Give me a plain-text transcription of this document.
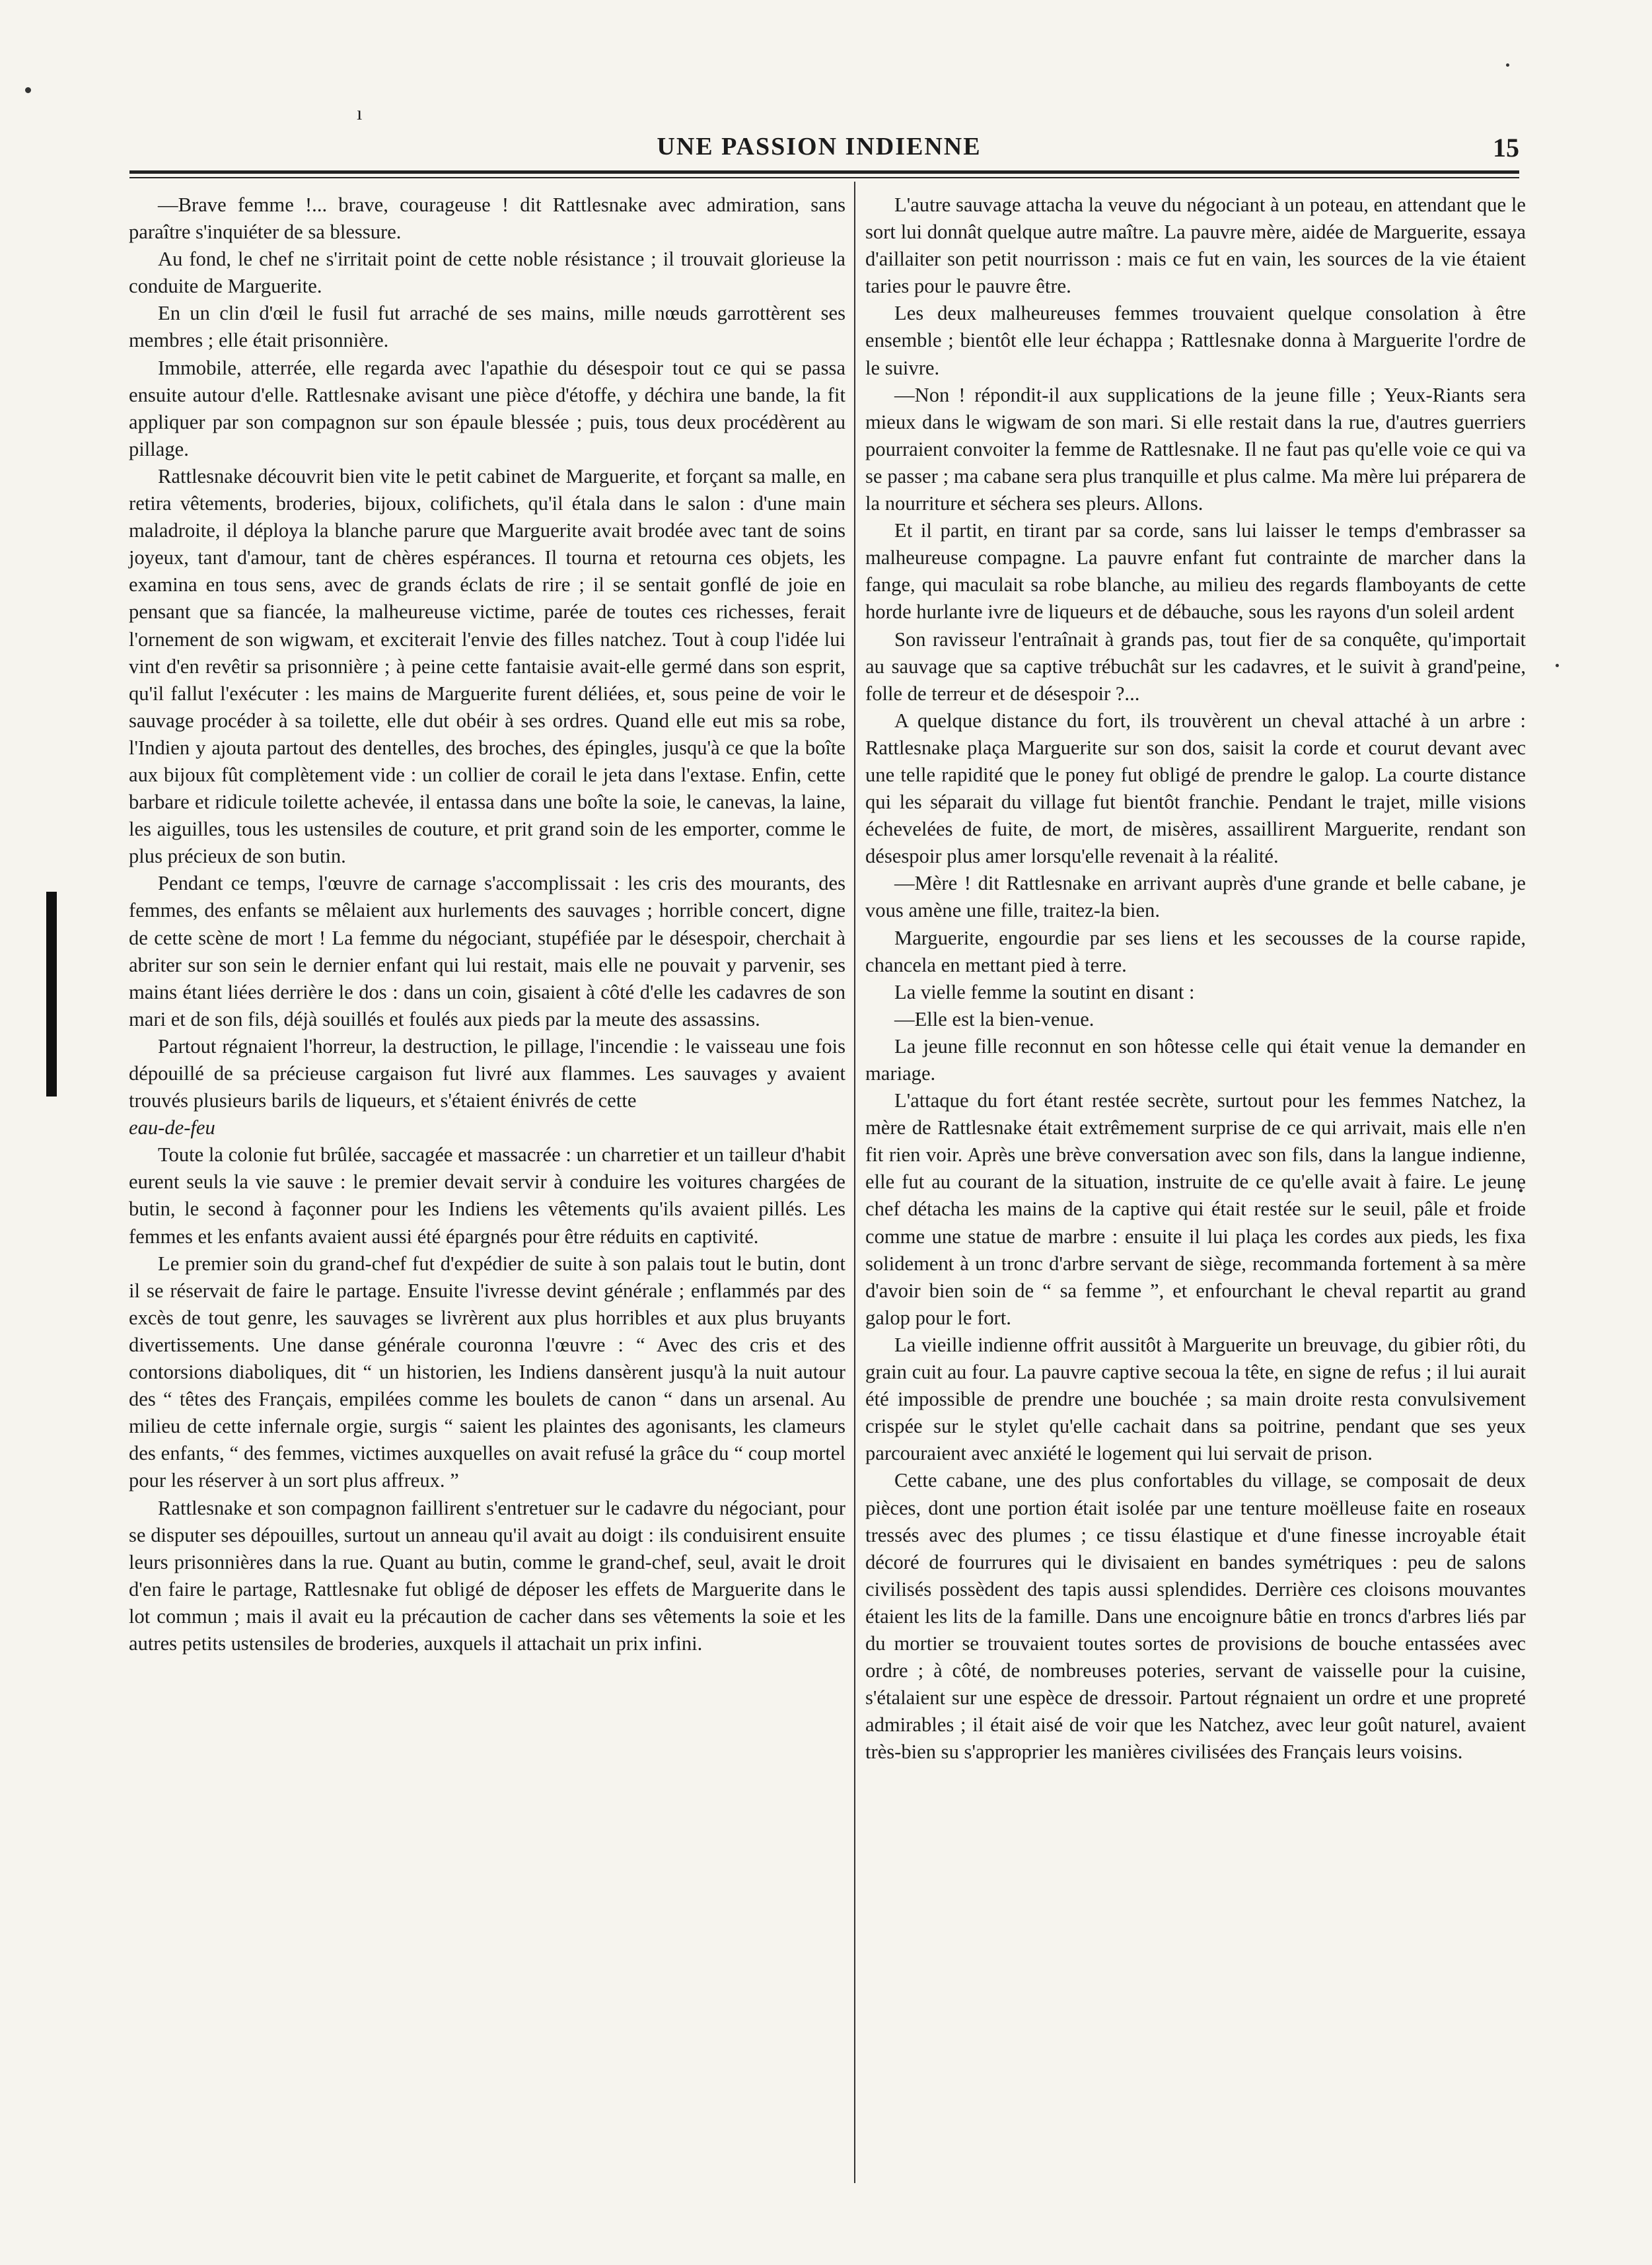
ı
UNE PASSION INDIENNE	15

—Brave femme !... brave, courageuse ! dit Rattlesnake avec admiration, sans paraître s'inquiéter de sa blessure.

Au fond, le chef ne s'irritait point de cette noble résistance ; il trouvait glorieuse la conduite de Marguerite.

En un clin d'œil le fusil fut arraché de ses mains, mille nœuds garrottèrent ses membres ; elle était prisonnière.

Immobile, atterrée, elle regarda avec l'apathie du désespoir tout ce qui se passa ensuite autour d'elle. Rattlesnake avisant une pièce d'étoffe, y déchira une bande, la fit appliquer par son compagnon sur son épaule blessée ; puis, tous deux procédèrent au pillage.

Rattlesnake découvrit bien vite le petit cabinet de Marguerite, et forçant sa malle, en retira vêtements, broderies, bijoux, colifichets, qu'il étala dans le salon : d'une main maladroite, il déploya la blanche parure que Marguerite avait brodée avec tant de soins joyeux, tant d'amour, tant de chères espérances. Il tourna et retourna ces objets, les examina en tous sens, avec de grands éclats de rire ; il se sentait gonflé de joie en pensant que sa fiancée, la malheureuse victime, parée de toutes ces richesses, ferait l'ornement de son wigwam, et exciterait l'envie des filles natchez. Tout à coup l'idée lui vint d'en revêtir sa prisonnière ; à peine cette fantaisie avait-elle germé dans son esprit, qu'il fallut l'exécuter : les mains de Marguerite furent déliées, et, sous peine de voir le sauvage procéder à sa toilette, elle dut obéir à ses ordres. Quand elle eut mis sa robe, l'Indien y ajouta partout des dentelles, des broches, des épingles, jusqu'à ce que la boîte aux bijoux fût complètement vide : un collier de corail le jeta dans l'extase. Enfin, cette barbare et ridicule toilette achevée, il entassa dans une boîte la soie, le canevas, la laine, les aiguilles, tous les ustensiles de couture, et prit grand soin de les emporter, comme le plus précieux de son butin.

Pendant ce temps, l'œuvre de carnage s'accomplissait : les cris des mourants, des femmes, des enfants se mêlaient aux hurlements des sauvages ; horrible concert, digne de cette scène de mort ! La femme du négociant, stupéfiée par le désespoir, cherchait à abriter sur son sein le dernier enfant qui lui restait, mais elle ne pouvait y parvenir, ses mains étant liées derrière le dos : dans un coin, gisaient à côté d'elle les cadavres de son mari et de son fils, déjà souillés et foulés aux pieds par la meute des assassins.

Partout régnaient l'horreur, la destruction, le pillage, l'incendie : le vaisseau une fois dépouillé de sa précieuse cargaison fut livré aux flammes. Les sauvages y avaient trouvés plusieurs barils de liqueurs, et s'étaient énivrés de cette
eau-de-feu

Toute la colonie fut brûlée, saccagée et massacrée : un charretier et un tailleur d'habit eurent seuls la vie sauve : le premier devait servir à conduire les voitures chargées de butin, le second à façonner pour les Indiens les vêtements qu'ils avaient pillés. Les femmes et les enfants avaient aussi été épargnés pour être réduits en captivité.

Le premier soin du grand-chef fut d'expédier de suite à son palais tout le butin, dont il se réservait de faire le partage. Ensuite l'ivresse devint générale ; enflammés par des excès de tout genre, les sauvages se livrèrent aux plus horribles et aux plus bruyants divertissements. Une danse générale couronna l'œuvre : “ Avec des cris et des contorsions diaboliques, dit “ un historien, les Indiens dansèrent jusqu'à la nuit autour des “ têtes des Français, empilées comme les boulets de canon “ dans un arsenal. Au milieu de cette infernale orgie, surgis “ saient les plaintes des agonisants, les clameurs des enfants, “ des femmes, victimes auxquelles on avait refusé la grâce du “ coup mortel pour les réserver à un sort plus affreux. ”

Rattlesnake et son compagnon faillirent s'entretuer sur le cadavre du négociant, pour se disputer ses dépouilles, surtout un anneau qu'il avait au doigt : ils conduisirent ensuite leurs prisonnières dans la rue. Quant au butin, comme le grand-chef, seul, avait le droit d'en faire le partage, Rattlesnake fut obligé de déposer les effets de Marguerite dans le lot commun ; mais il avait eu la précaution de cacher dans ses vêtements la soie et les autres petits ustensiles de broderies, auxquels il attachait un prix infini.

L'autre sauvage attacha la veuve du négociant à un poteau, en attendant que le sort lui donnât quelque autre maître. La pauvre mère, aidée de Marguerite, essaya d'aillaiter son petit nourrisson : mais ce fut en vain, les sources de la vie étaient taries pour le pauvre être.

Les deux malheureuses femmes trouvaient quelque consolation à être ensemble ; bientôt elle leur échappa ; Rattlesnake donna à Marguerite l'ordre de le suivre.

—Non ! répondit-il aux supplications de la jeune fille ; Yeux-Riants sera mieux dans le wigwam de son mari. Si elle restait dans la rue, d'autres guerriers pourraient convoiter la femme de Rattlesnake. Il ne faut pas qu'elle voie ce qui va se passer ; ma cabane sera plus tranquille et plus calme. Ma mère lui préparera de la nourriture et séchera ses pleurs. Allons.

Et il partit, en tirant par sa corde, sans lui laisser le temps d'embrasser sa malheureuse compagne. La pauvre enfant fut contrainte de marcher dans la fange, qui maculait sa robe blanche, au milieu des regards flamboyants de cette horde hurlante ivre de liqueurs et de débauche, sous les rayons d'un soleil ardent

Son ravisseur l'entraînait à grands pas, tout fier de sa conquête, qu'importait au sauvage que sa captive trébuchât sur les cadavres, et le suivit à grand'peine, folle de terreur et de désespoir ?...

A quelque distance du fort, ils trouvèrent un cheval attaché à un arbre : Rattlesnake plaça Marguerite sur son dos, saisit la corde et courut devant avec une telle rapidité que le poney fut obligé de prendre le galop. La courte distance qui les séparait du village fut bientôt franchie. Pendant le trajet, mille visions échevelées de fuite, de mort, de misères, assaillirent Marguerite, rendant son désespoir plus amer lorsqu'elle revenait à la réalité.

—Mère ! dit Rattlesnake en arrivant auprès d'une grande et belle cabane, je vous amène une fille, traitez-la bien.

Marguerite, engourdie par ses liens et les secousses de la course rapide, chancela en mettant pied à terre.

La vielle femme la soutint en disant :

—Elle est la bien-venue.

La jeune fille reconnut en son hôtesse celle qui était venue la demander en mariage.

L'attaque du fort étant restée secrète, surtout pour les femmes Natchez, la mère de Rattlesnake était extrêmement surprise de ce qui arrivait, mais elle n'en fit rien voir. Après une brève conversation avec son fils, dans la langue indienne, elle fut au courant de la situation, instruite de ce qu'elle avait à faire. Le jeune chef détacha les mains de la captive qui était restée sur le seuil, pâle et froide comme une statue de marbre : ensuite il lui plaça les cordes aux pieds, les fixa solidement à un tronc d'arbre servant de siège, recommanda fortement à sa mère d'avoir bien soin de “ sa femme ”, et enfourchant le cheval repartit au grand galop pour le fort.

La vieille indienne offrit aussitôt à Marguerite un breuvage, du gibier rôti, du grain cuit au four. La pauvre captive secoua la tête, en signe de refus ; il lui aurait été impossible de prendre une bouchée ; sa main droite resta convulsivement crispée sur le stylet qu'elle cachait dans sa poitrine, pendant que ses yeux parcouraient avec anxiété le logement qui lui servait de prison.

Cette cabane, une des plus confortables du village, se composait de deux pièces, dont une portion était isolée par une tenture moëlleuse faite en roseaux tressés avec des plumes ; ce tissu élastique et d'une finesse incroyable était décoré de fourrures qui le divisaient en bandes symétriques : peu de salons civilisés possèdent des tapis aussi splendides. Derrière ces cloisons mouvantes étaient les lits de la famille. Dans une encoignure bâtie en troncs d'arbres liés par du mortier se trouvaient toutes sortes de provisions de bouche entassées avec ordre ; à côté, de nombreuses poteries, servant de vaisselle pour la cuisine, s'étalaient sur une espèce de dressoir. Partout régnaient un ordre et une propreté admirables ; il était aisé de voir que les Natchez, avec leur goût naturel, avaient très-bien su s'approprier les manières civilisées des Français leurs voisins.
